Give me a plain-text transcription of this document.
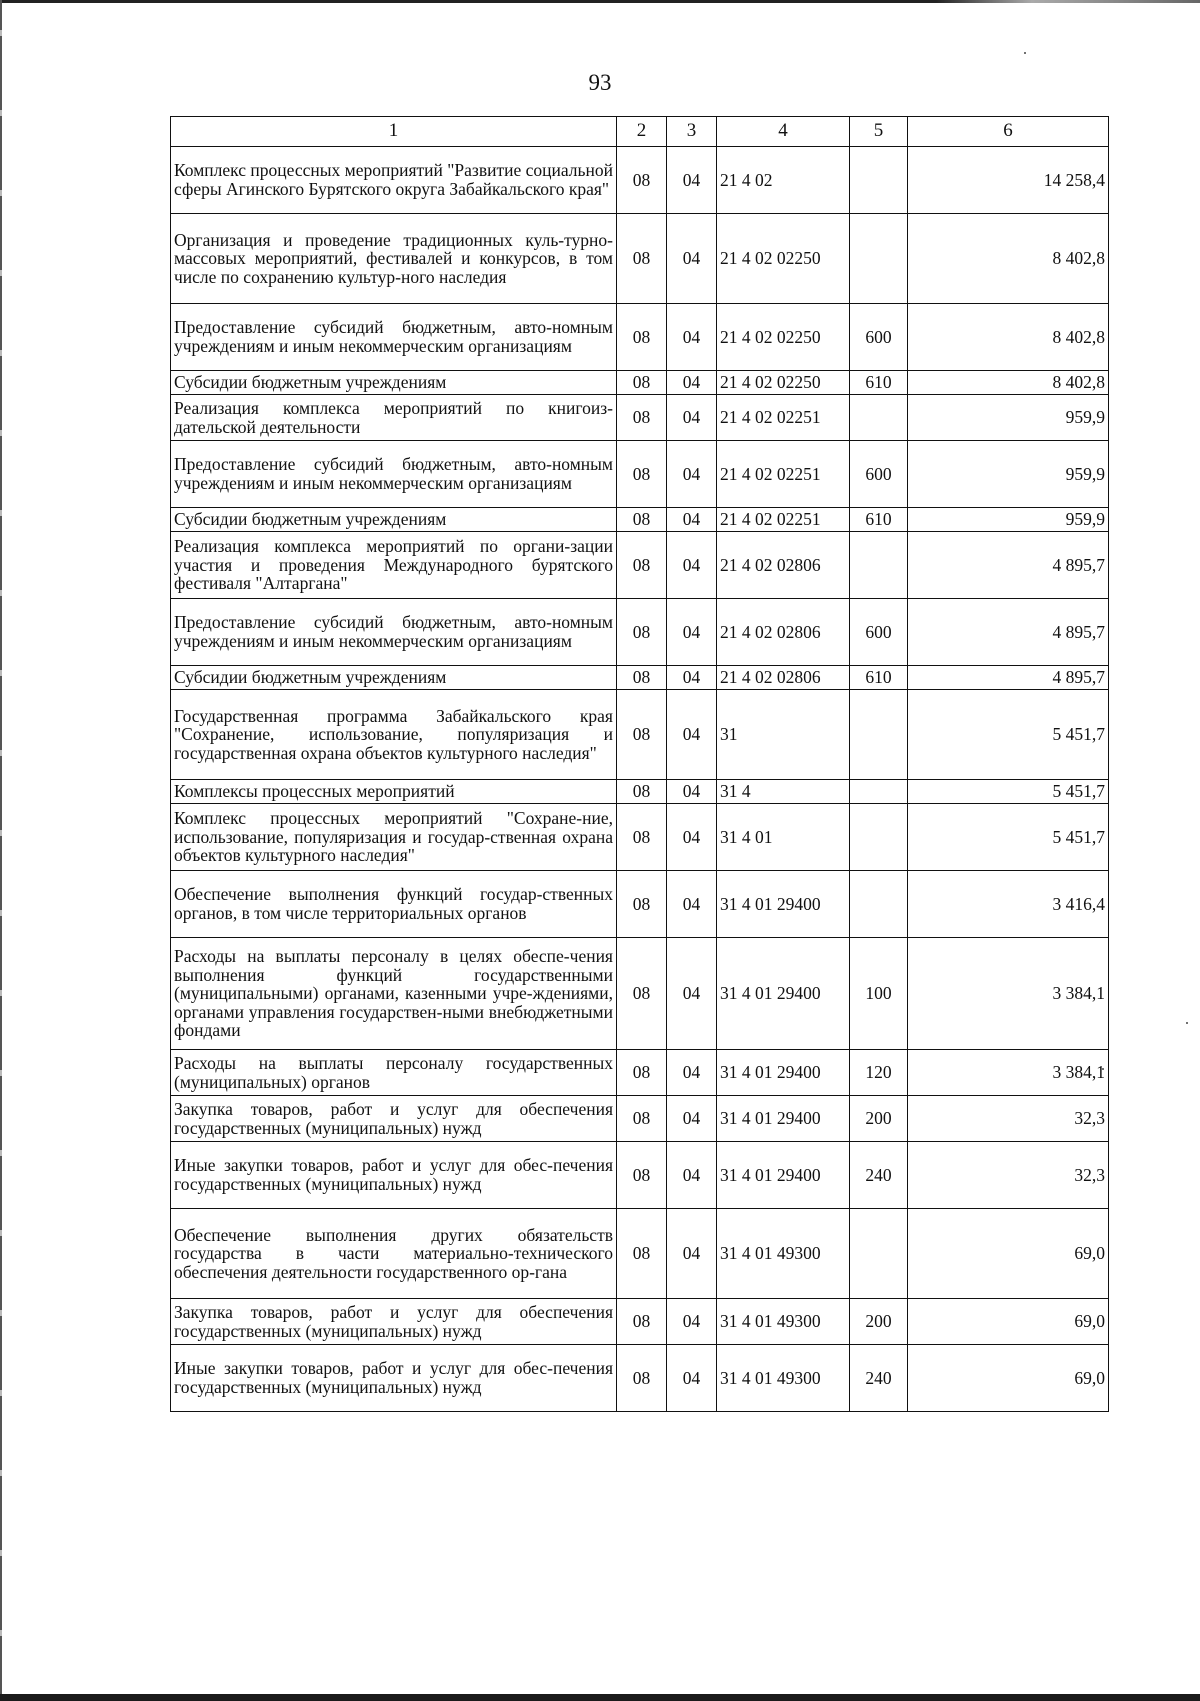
93
1	2	3	4	5	6
Комплекс процессных мероприятий "Развитие социальной сферы Агинского Бурятского округа Забайкальского края"	08	04	21 4 02		14 258,4
Организация и проведение традиционных куль-турно-массовых мероприятий, фестивалей и конкурсов, в том числе по сохранению культур-ного наследия	08	04	21 4 02 02250		8 402,8
Предоставление субсидий бюджетным, авто-номным учреждениям и иным некоммерческим организациям	08	04	21 4 02 02250	600	8 402,8
Субсидии бюджетным учреждениям	08	04	21 4 02 02250	610	8 402,8
Реализация комплекса мероприятий по книгоиз-дательской деятельности	08	04	21 4 02 02251		959,9
Предоставление субсидий бюджетным, авто-номным учреждениям и иным некоммерческим организациям	08	04	21 4 02 02251	600	959,9
Субсидии бюджетным учреждениям	08	04	21 4 02 02251	610	959,9
Реализация комплекса мероприятий по органи-зации участия и проведения Международного бурятского фестиваля "Алтаргана"	08	04	21 4 02 02806		4 895,7
Предоставление субсидий бюджетным, авто-номным учреждениям и иным некоммерческим организациям	08	04	21 4 02 02806	600	4 895,7
Субсидии бюджетным учреждениям	08	04	21 4 02 02806	610	4 895,7
Государственная программа Забайкальского края "Сохранение, использование, популяризация и государственная охрана объектов культурного наследия"	08	04	31		5 451,7
Комплексы процессных мероприятий	08	04	31 4		5 451,7
Комплекс процессных мероприятий "Сохране-ние, использование, популяризация и государ-ственная охрана объектов культурного наследия"	08	04	31 4 01		5 451,7
Обеспечение выполнения функций государ-ственных органов, в том числе территориальных органов	08	04	31 4 01 29400		3 416,4
Расходы на выплаты персоналу в целях обеспе-чения выполнения функций государственными (муниципальными) органами, казенными учре-ждениями, органами управления государствен-ными внебюджетными фондами	08	04	31 4 01 29400	100	3 384,1
Расходы на выплаты персоналу государственных (муниципальных) органов	08	04	31 4 01 29400	120	3 384,1
Закупка товаров, работ и услуг для обеспечения государственных (муниципальных) нужд	08	04	31 4 01 29400	200	32,3
Иные закупки товаров, работ и услуг для обес-печения государственных (муниципальных) нужд	08	04	31 4 01 29400	240	32,3
Обеспечение выполнения других обязательств государства в части материально-технического обеспечения деятельности государственного ор-гана	08	04	31 4 01 49300		69,0
Закупка товаров, работ и услуг для обеспечения государственных (муниципальных) нужд	08	04	31 4 01 49300	200	69,0
Иные закупки товаров, работ и услуг для обес-печения государственных (муниципальных) нужд	08	04	31 4 01 49300	240	69,0
